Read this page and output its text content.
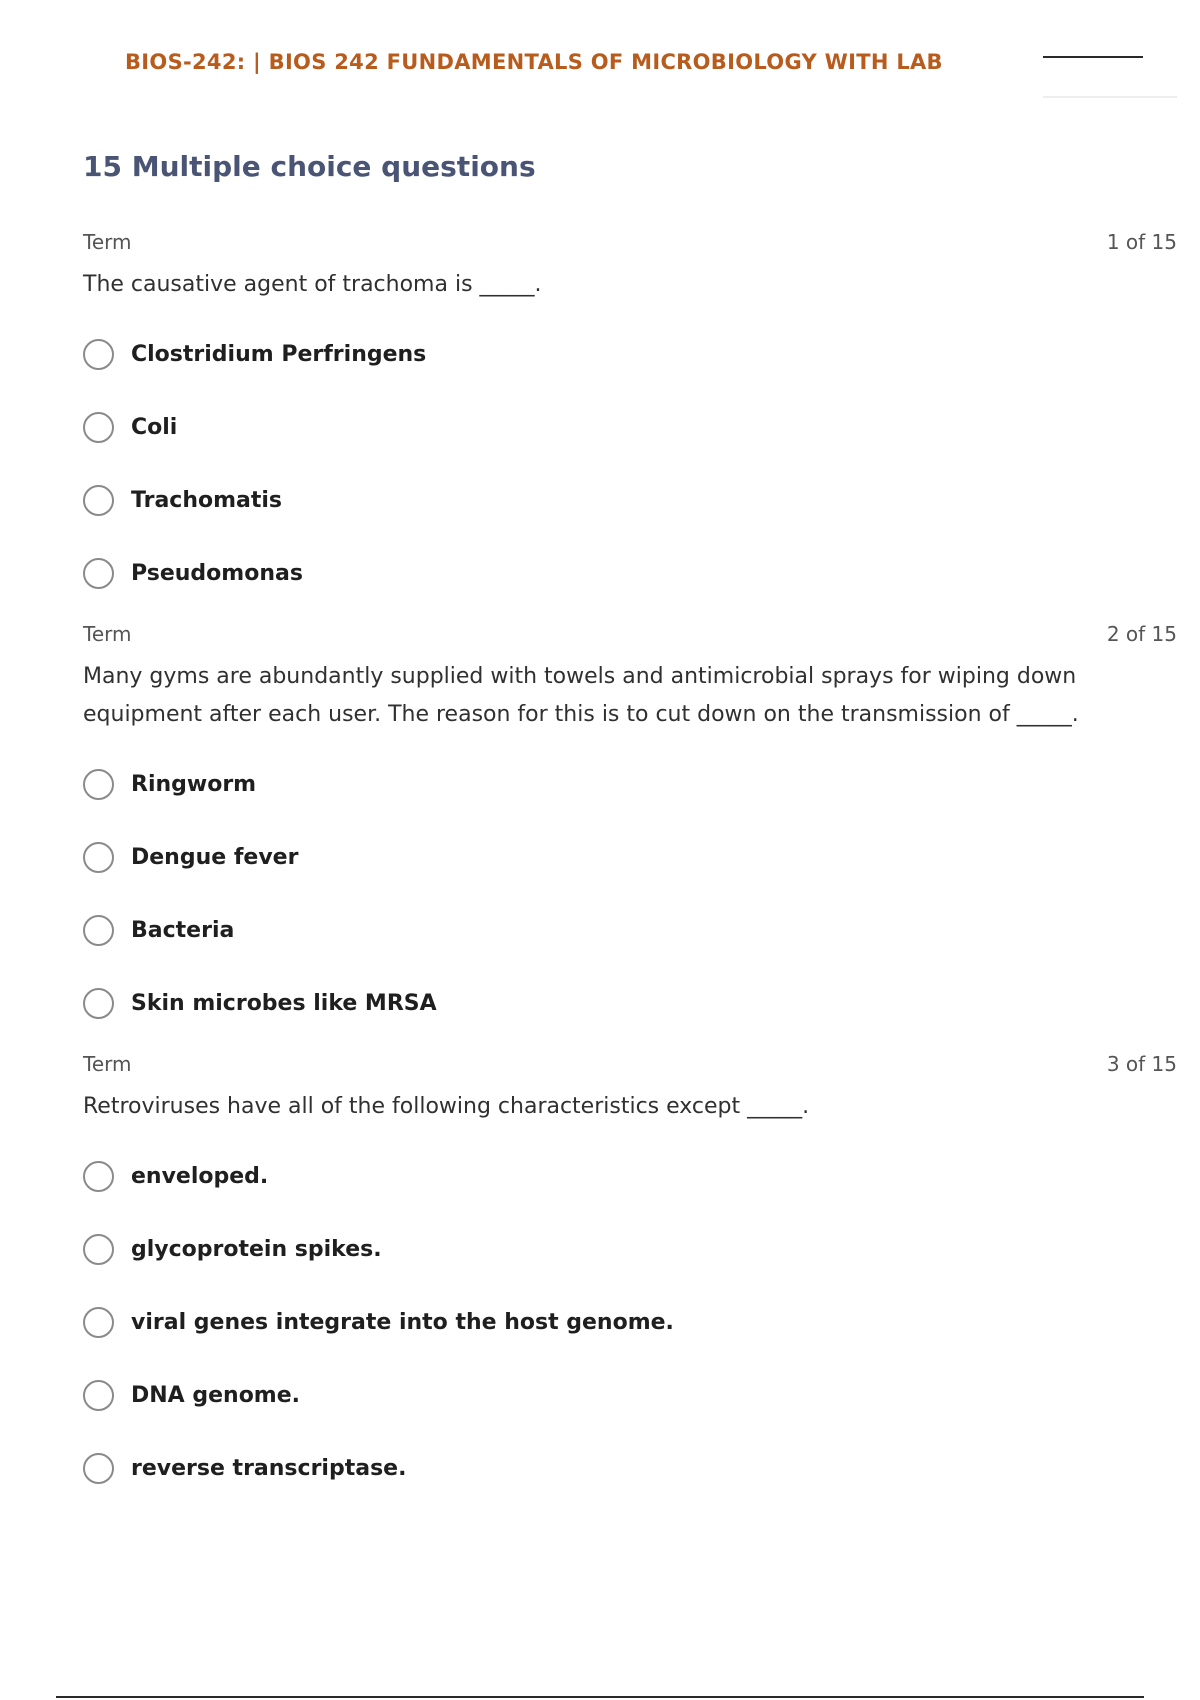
BIOS-242: | BIOS 242 FUNDAMENTALS OF MICROBIOLOGY WITH LAB
15 Multiple choice questions
Term	1 of 15
The causative agent of trachoma is _____.
Clostridium Perfringens
Coli
Trachomatis
Pseudomonas
Term	2 of 15
Many gyms are abundantly supplied with towels and antimicrobial sprays for wiping down equipment after each user. The reason for this is to cut down on the transmission of _____.
Ringworm
Dengue fever
Bacteria
Skin microbes like MRSA
Term	3 of 15
Retroviruses have all of the following characteristics except _____.
enveloped.
glycoprotein spikes.
viral genes integrate into the host genome.
DNA genome.
reverse transcriptase.
